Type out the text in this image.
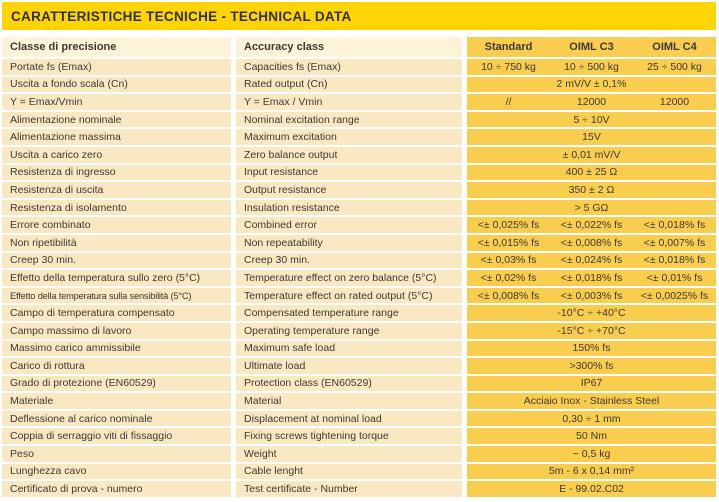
CARATTERISTICHE TECNICHE - TECHNICAL DATA
Classe di precisione	Accuracy class	Standard	OIML C3	OIML C4
Portate fs (Emax)	Capacities fs (Emax)	10 ÷ 750 kg	10 ÷ 500 kg	25 ÷ 500 kg
Uscita a fondo scala (Cn)	Rated output (Cn)	2 mV/V ± 0,1%
Y = Emax/Vmin	Y = Emax / Vmin	//	12000	12000
Alimentazione nominale	Nominal excitation range	5 ÷ 10V
Alimentazione massima	Maximum excitation	15V
Uscita a carico zero	Zero balance output	± 0,01 mV/V
Resistenza di ingresso	Input resistance	400 ± 25 Ω
Resistenza di uscita	Output resistance	350 ± 2 Ω
Resistenza di isolamento	Insulation resistance	> 5 GΩ
Errore combinato	Combined error	<± 0,025% fs	<± 0,022% fs	<± 0,018% fs
Non ripetibilità	Non repeatability	<± 0,015% fs	<± 0,008% fs	<± 0,007% fs
Creep 30 min.	Creep 30 min.	<± 0,03% fs	<± 0,024% fs	<± 0,018% fs
Effetto della temperatura sullo zero (5°C)	Temperature effect on zero balance (5°C)	<± 0,02% fs	<± 0,018% fs	<± 0,01% fs
Effetto della temperatura sulla sensibilità (5°C)	Temperature effect on rated output (5°C)	<± 0,008% fs	<± 0,003% fs	<± 0,0025% fs
Campo di temperatura compensato	Compensated temperature range	-10°C ÷ +40°C
Campo massimo di lavoro	Operating temperature range	-15°C ÷ +70°C
Massimo carico ammissibile	Maximum safe load	150% fs
Carico di rottura	Ultimate load	>300% fs
Grado di protezione (EN60529)	Protection class (EN60529)	IP67
Materiale	Material	Acciaio Inox - Stainless Steel
Deflessione al carico nominale	Displacement at nominal load	0,30 ÷ 1 mm
Coppia di serraggio viti di fissaggio	Fixing screws tightening torque	50 Nm
Peso	Weight	~ 0,5 kg
Lunghezza cavo	Cable lenght	5m - 6 x 0,14 mm²
Certificato di prova - numero	Test certificate - Number	E - 99.02.C02
